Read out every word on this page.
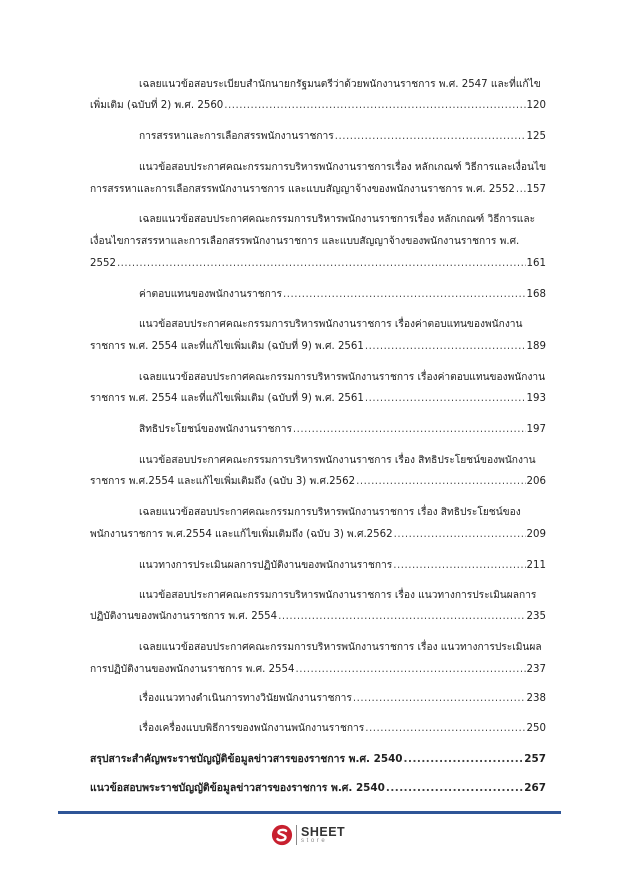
เฉลยแนวข้อสอบระเบียบสำนักนายกรัฐมนตรีว่าด้วยพนักงานราชการ พ.ศ. 2547 และที่แก้ไข
เพิ่มเติม (ฉบับที่ 2) พ.ศ. 2560 .....	120
การสรรหาและการเลือกสรรพนักงานราชการ .....	125
แนวข้อสอบประกาศคณะกรรมการบริหารพนักงานราชการเรื่อง หลักเกณฑ์ วิธีการและเงื่อนไข
การสรรหาและการเลือกสรรพนักงานราชการ และแบบสัญญาจ้างของพนักงานราชการ พ.ศ. 2552 ..... 157
เฉลยแนวข้อสอบประกาศคณะกรรมการบริหารพนักงานราชการเรื่อง หลักเกณฑ์ วิธีการและ
เงื่อนไขการสรรหาและการเลือกสรรพนักงานราชการ และแบบสัญญาจ้างของพนักงานราชการ พ.ศ.
2552 .....	161
ค่าตอบแทนของพนักงานราชการ .....	168
แนวข้อสอบประกาศคณะกรรมการบริหารพนักงานราชการ เรื่องค่าตอบแทนของพนักงาน
ราชการ พ.ศ. 2554 และที่แก้ไขเพิ่มเติม (ฉบับที่ 9) พ.ศ. 2561 .....	189
เฉลยแนวข้อสอบประกาศคณะกรรมการบริหารพนักงานราชการ เรื่องค่าตอบแทนของพนักงาน
ราชการ พ.ศ. 2554 และที่แก้ไขเพิ่มเติม (ฉบับที่ 9) พ.ศ. 2561 .....	193
สิทธิประโยชน์ของพนักงานราชการ .....	197
แนวข้อสอบประกาศคณะกรรมการบริหารพนักงานราชการ เรื่อง สิทธิประโยชน์ของพนักงาน
ราชการ พ.ศ.2554 และแก้ไขเพิ่มเติมถึง (ฉบับ 3) พ.ศ.2562 .....	206
เฉลยแนวข้อสอบประกาศคณะกรรมการบริหารพนักงานราชการ เรื่อง สิทธิประโยชน์ของ
พนักงานราชการ พ.ศ.2554 และแก้ไขเพิ่มเติมถึง (ฉบับ 3) พ.ศ.2562 .....	209
แนวทางการประเมินผลการปฏิบัติงานของพนักงานราชการ .....	211
แนวข้อสอบประกาศคณะกรรมการบริหารพนักงานราชการ เรื่อง แนวทางการประเมินผลการ
ปฏิบัติงานของพนักงานราชการ พ.ศ. 2554 .....	235
เฉลยแนวข้อสอบประกาศคณะกรรมการบริหารพนักงานราชการ เรื่อง แนวทางการประเมินผล
การปฏิบัติงานของพนักงานราชการ พ.ศ. 2554 .....	237
เรื่องแนวทางดำเนินการทางวินัยพนักงานราชการ .....	238
เรื่องเครื่องแบบพิธีการของพนักงานพนักงานราชการ .....	250
สรุปสาระสำคัญพระราชบัญญัติข้อมูลข่าวสารของราชการ พ.ศ. 2540 .....	257
แนวข้อสอบพระราชบัญญัติข้อมูลข่าวสารของราชการ พ.ศ. 2540 .....	267
SHEET
store
